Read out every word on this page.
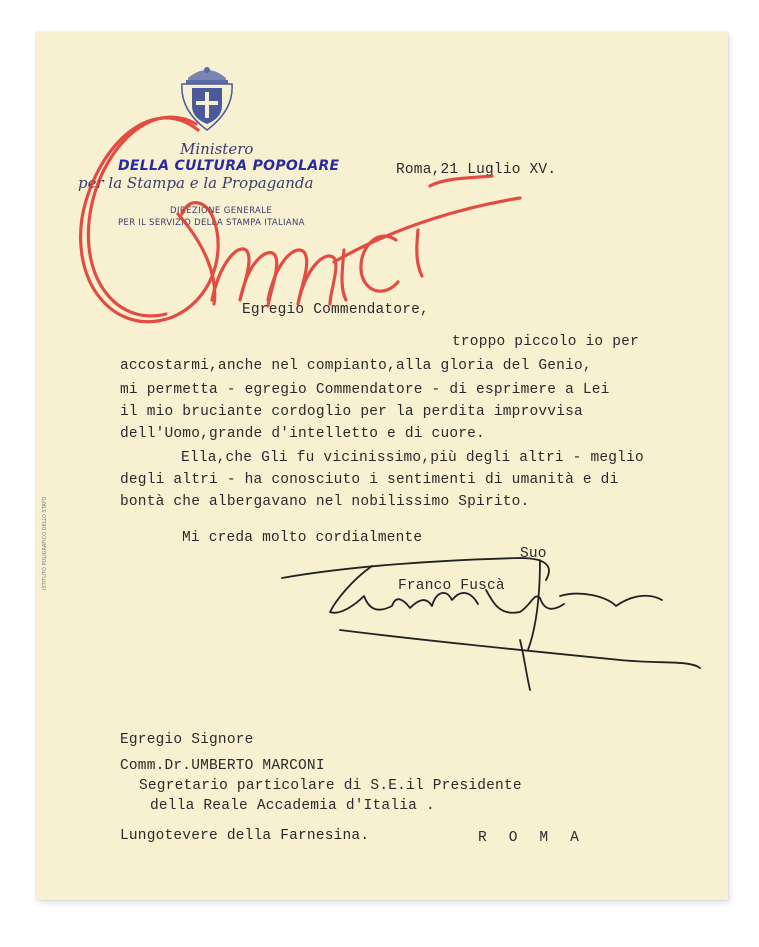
Ministero
DELLA CULTURA POPOLARE
per la Stampa e la Propaganda
DIREZIONE GENERALE
PER IL SERVIZIO DELLA STAMPA ITALIANA
ISTITUTO POLIGRAFICO DELLO STATO
Roma,21 Luglio XV.
Egregio Commendatore,
troppo piccolo io per
accostarmi,anche nel compianto,alla gloria del Genio,
mi permetta - egregio Commendatore - di esprimere a Lei
il mio bruciante cordoglio per la perdita improvvisa
dell'Uomo,grande d'intelletto e di cuore.
Ella,che Gli fu vicinissimo,più degli altri - meglio
degli altri - ha conosciuto i sentimenti di umanità e di
bontà che albergavano nel nobilissimo Spirito.
Mi creda molto cordialmente
Suo
Franco Fuscà
Egregio Signore
Comm.Dr.UMBERTO MARCONI
Segretario particolare di S.E.il Presidente
della Reale Accademia d'Italia .
Lungotevere della Farnesina.	ROMA
